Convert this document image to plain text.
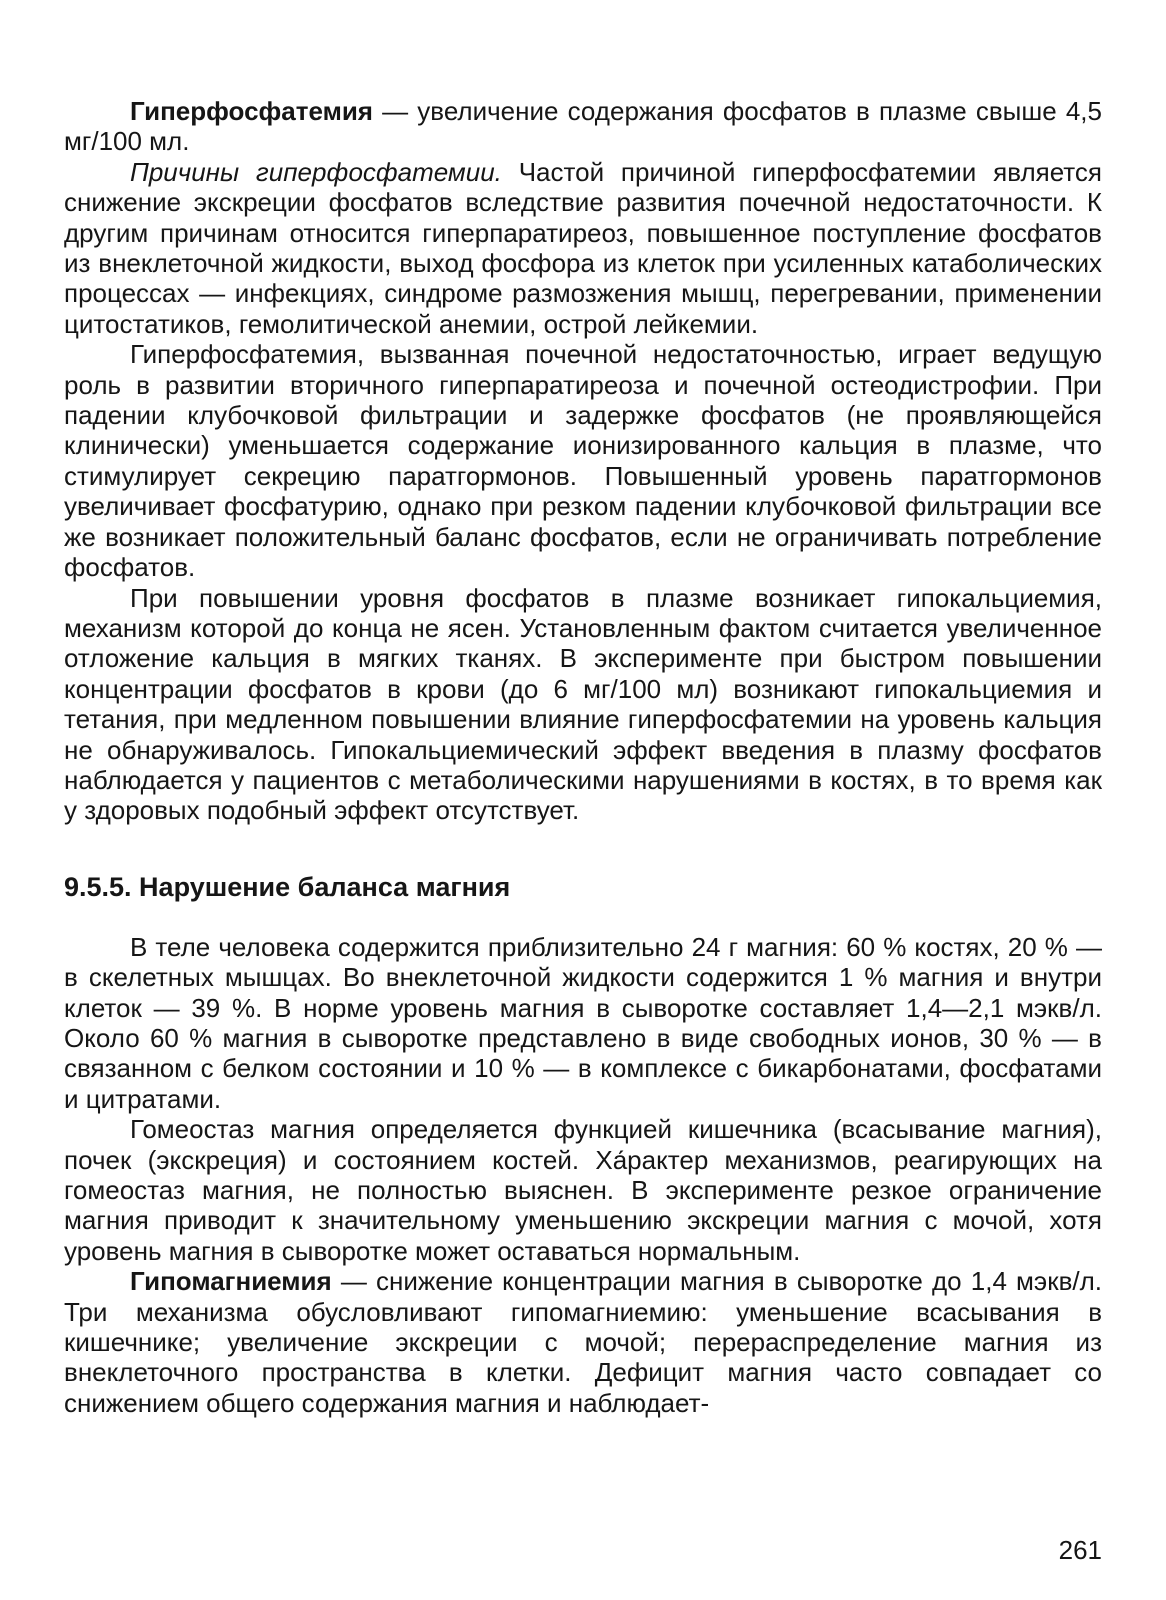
Гиперфосфатемия — увеличение содержания фосфатов в плазме свыше 4,5 мг/100 мл.

Причины гиперфосфатемии. Частой причиной гиперфосфатемии является снижение экскреции фосфатов вследствие развития почечной недостаточности. К другим причинам относится гиперпаратиреоз, повышенное поступление фосфатов из внеклеточной жидкости, выход фосфора из клеток при усиленных катаболических процессах — инфекциях, синдроме размозжения мышц, перегревании, применении цитостатиков, гемолитической анемии, острой лейкемии.

Гиперфосфатемия, вызванная почечной недостаточностью, играет ведущую роль в развитии вторичного гиперпаратиреоза и почечной остеодистрофии. При падении клубочковой фильтрации и задержке фосфатов (не проявляющейся клинически) уменьшается содержание ионизированного кальция в плазме, что стимулирует секрецию паратгормонов. Повышенный уровень паратгормонов увеличивает фосфатурию, однако при резком падении клубочковой фильтрации все же возникает положительный баланс фосфатов, если не ограничивать потребление фосфатов.

При повышении уровня фосфатов в плазме возникает гипокальциемия, механизм которой до конца не ясен. Установленным фактом считается увеличенное отложение кальция в мягких тканях. В эксперименте при быстром повышении концентрации фосфатов в крови (до 6 мг/100 мл) возникают гипокальциемия и тетания, при медленном повышении влияние гиперфосфатемии на уровень кальция не обнаруживалось. Гипокальциемический эффект введения в плазму фосфатов наблюдается у пациентов с метаболическими нарушениями в костях, в то время как у здоровых подобный эффект отсутствует.

9.5.5. Нарушение баланса магния

В теле человека содержится приблизительно 24 г магния: 60 % костях, 20 % — в скелетных мышцах. Во внеклеточной жидкости содержится 1 % магния и внутри клеток — 39 %. В норме уровень магния в сыворотке составляет 1,4—2,1 мэкв/л. Около 60 % магния в сыворотке представлено в виде свободных ионов, 30 % — в связанном с белком состоянии и 10 % — в комплексе с бикарбонатами, фосфатами и цитратами.

Гомеостаз магния определяется функцией кишечника (всасывание магния), почек (экскреция) и состоянием костей. Ха́рактер механизмов, реагирующих на гомеостаз магния, не полностью выяснен. В эксперименте резкое ограничение магния приводит к значительному уменьшению экскреции магния с мочой, хотя уровень магния в сыворотке может оставаться нормальным.

Гипомагниемия — снижение концентрации магния в сыворотке до 1,4 мэкв/л. Три механизма обусловливают гипомагниемию: уменьшение всасывания в кишечнике; увеличение экскреции с мочой; перераспределение магния из внеклеточного пространства в клетки. Дефицит магния часто совпадает со снижением общего содержания магния и наблюдает-

261
